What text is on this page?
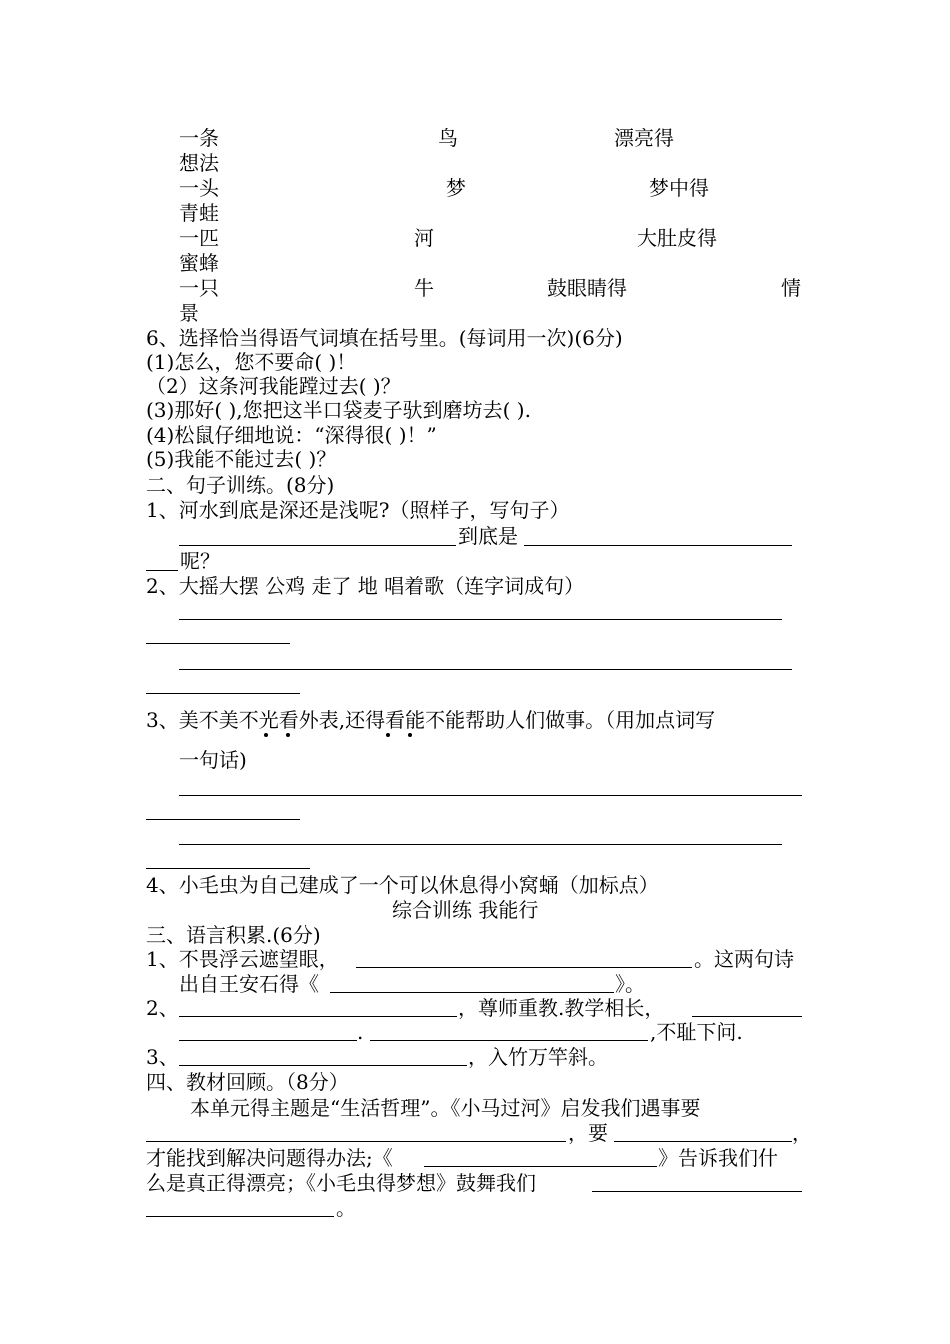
一条	鸟	漂亮得
想法
一头	梦	梦中得
青蛙
一匹	河	大肚皮得
蜜蜂
一只	牛	鼓眼睛得	情
景
6、选择恰当得语气词填在括号里。(每词用一次)(6分)
(1)怎么，您不要命( )！
（2）这条河我能蹚过去( )？
(3)那好( ),您把这半口袋麦子驮到磨坊去( ).
(4)松鼠仔细地说：“深得很( )！”
(5)我能不能过去( )？
二、句子训练。(8分)
1、河水到底是深还是浅呢?（照样子，写句子）
到底是
呢？
2、大摇大摆 公鸡 走了 地 唱着歌（连字词成句）
3、美不美不光看外表,还得看能不能帮助人们做事。（用加点词写
一句话)
4、小毛虫为自己建成了一个可以休息得小窝蛹（加标点）
综合训练 我能行
三、语言积累.(6分)
1、不畏浮云遮望眼，	。这两句诗
出自王安石得《	》。
2、	，尊师重教.教学相长，
.	,不耻下问.
3、	，入竹万竿斜。
四、教材回顾。（8分）
本单元得主题是“生活哲理”。《小马过河》启发我们遇事要
，要	，
才能找到解决问题得办法;《	》告诉我们什
么是真正得漂亮；《小毛虫得梦想》鼓舞我们
。
